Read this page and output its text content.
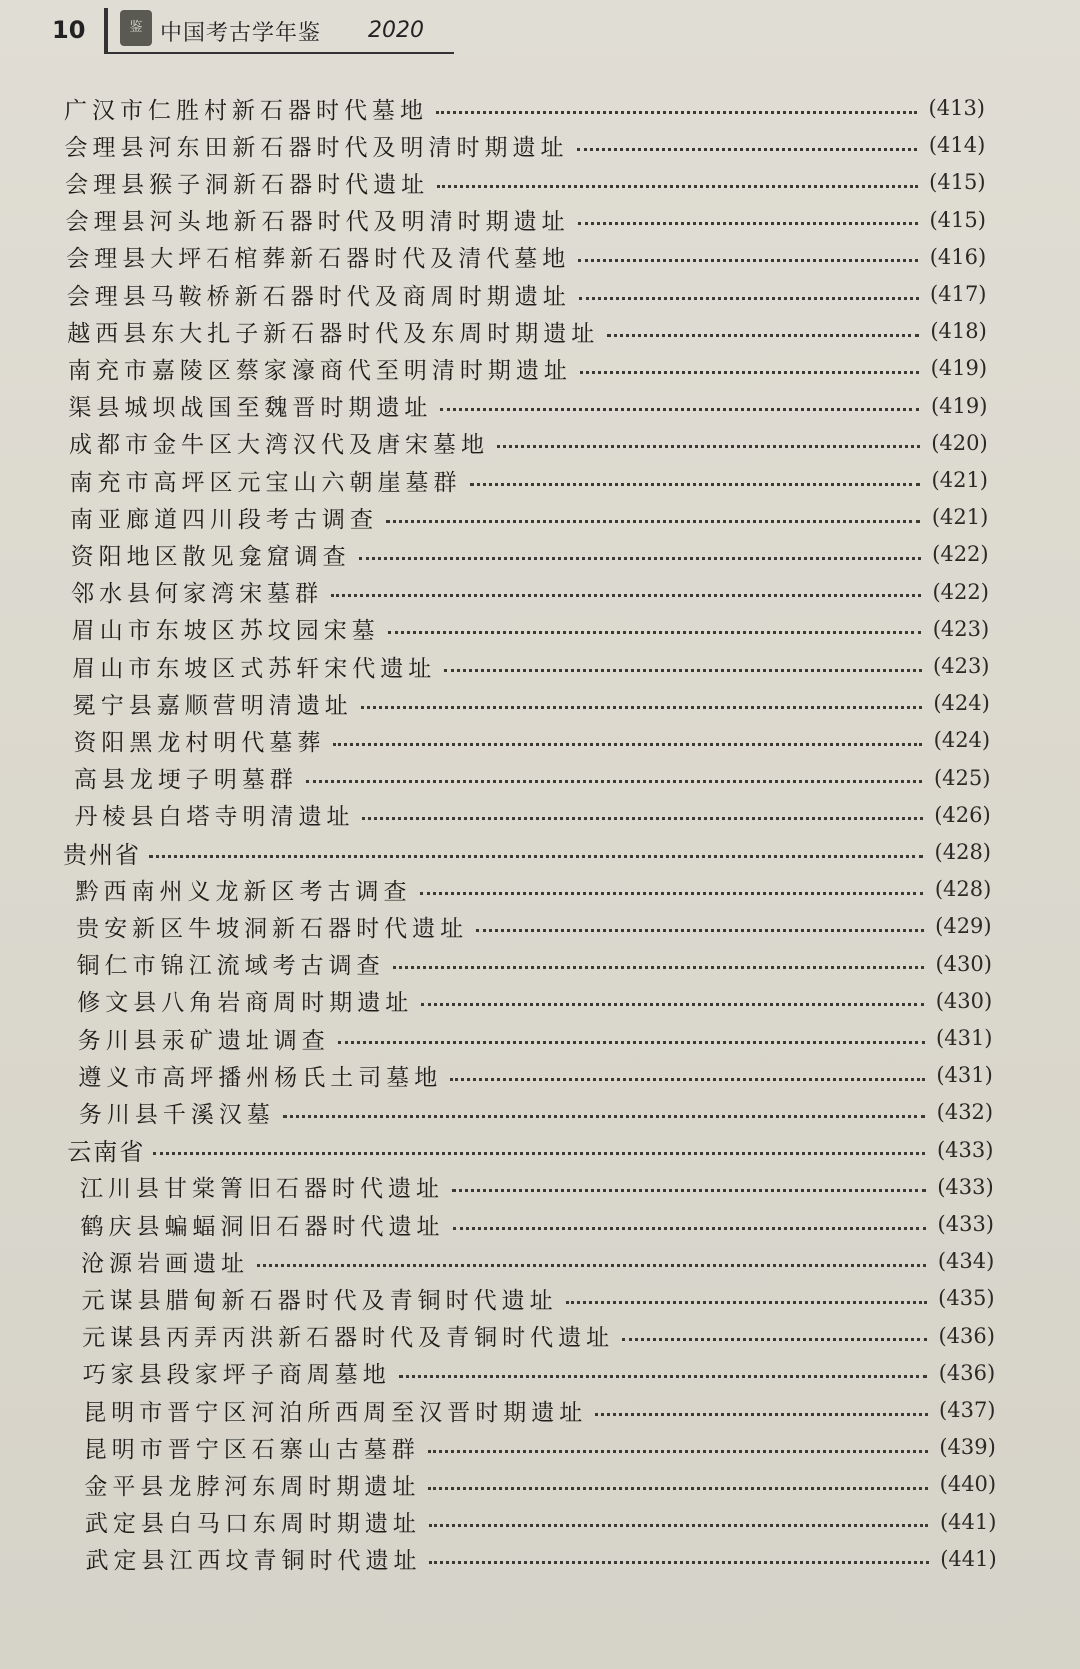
10	鉴 中国考古学年鉴 2020
广汉市仁胜村新石器时代墓地	(413)
会理县河东田新石器时代及明清时期遗址	(414)
会理县猴子洞新石器时代遗址	(415)
会理县河头地新石器时代及明清时期遗址	(415)
会理县大坪石棺葬新石器时代及清代墓地	(416)
会理县马鞍桥新石器时代及商周时期遗址	(417)
越西县东大扎子新石器时代及东周时期遗址	(418)
南充市嘉陵区蔡家濠商代至明清时期遗址	(419)
渠县城坝战国至魏晋时期遗址	(419)
成都市金牛区大湾汉代及唐宋墓地	(420)
南充市高坪区元宝山六朝崖墓群	(421)
南亚廊道四川段考古调查	(421)
资阳地区散见龛窟调查	(422)
邻水县何家湾宋墓群	(422)
眉山市东坡区苏坟园宋墓	(423)
眉山市东坡区式苏轩宋代遗址	(423)
冕宁县嘉顺营明清遗址	(424)
资阳黑龙村明代墓葬	(424)
高县龙埂子明墓群	(425)
丹棱县白塔寺明清遗址	(426)
贵州省	(428)
黔西南州义龙新区考古调查	(428)
贵安新区牛坡洞新石器时代遗址	(429)
铜仁市锦江流域考古调查	(430)
修文县八角岩商周时期遗址	(430)
务川县汞矿遗址调查	(431)
遵义市高坪播州杨氏土司墓地	(431)
务川县千溪汉墓	(432)
云南省	(433)
江川县甘棠箐旧石器时代遗址	(433)
鹤庆县蝙蝠洞旧石器时代遗址	(433)
沧源岩画遗址	(434)
元谋县腊甸新石器时代及青铜时代遗址	(435)
元谋县丙弄丙洪新石器时代及青铜时代遗址	(436)
巧家县段家坪子商周墓地	(436)
昆明市晋宁区河泊所西周至汉晋时期遗址	(437)
昆明市晋宁区石寨山古墓群	(439)
金平县龙脖河东周时期遗址	(440)
武定县白马口东周时期遗址	(441)
武定县江西坟青铜时代遗址	(441)
